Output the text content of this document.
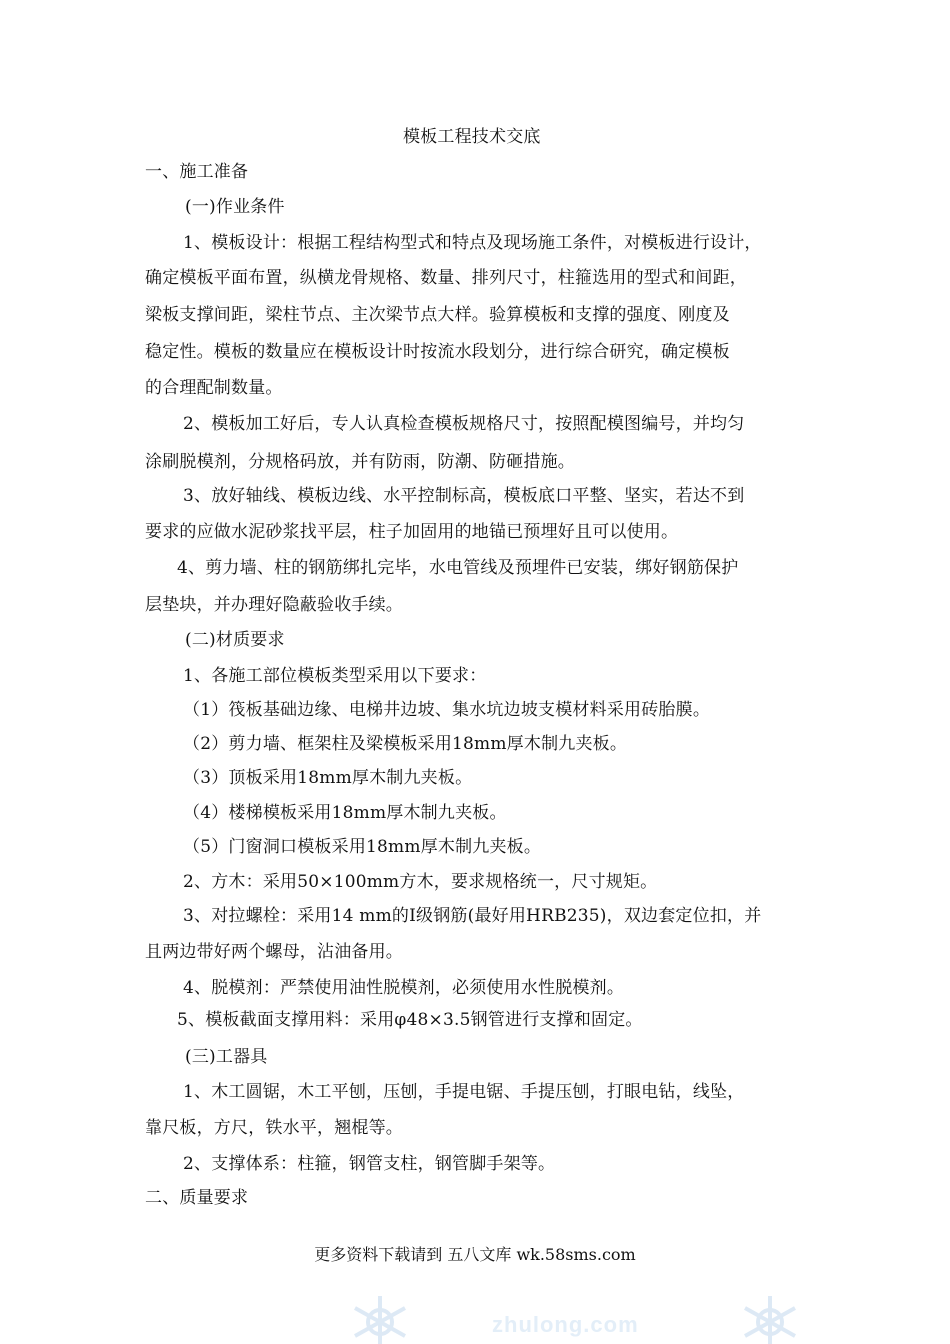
模板工程技术交底
一、施工准备
(一)作业条件
1、模板设计：根据工程结构型式和特点及现场施工条件，对模板进行设计，
确定模板平面布置，纵横龙骨规格、数量、排列尺寸，柱箍选用的型式和间距，
梁板支撑间距，梁柱节点、主次梁节点大样。验算模板和支撑的强度、刚度及
稳定性。模板的数量应在模板设计时按流水段划分，进行综合研究，确定模板
的合理配制数量。
2、模板加工好后，专人认真检查模板规格尺寸，按照配模图编号，并均匀
涂刷脱模剂，分规格码放，并有防雨，防潮、防砸措施。
3、放好轴线、模板边线、水平控制标高，模板底口平整、坚实，若达不到
要求的应做水泥砂浆找平层，柱子加固用的地锚已预埋好且可以使用。
4、剪力墙、柱的钢筋绑扎完毕，水电管线及预埋件已安装，绑好钢筋保护
层垫块，并办理好隐蔽验收手续。
(二)材质要求
1、各施工部位模板类型采用以下要求：
（1）筏板基础边缘、电梯井边坡、集水坑边坡支模材料采用砖胎膜。
（2）剪力墙、框架柱及梁模板采用18mm厚木制九夹板。
（3）顶板采用18mm厚木制九夹板。
（4）楼梯模板采用18mm厚木制九夹板。
（5）门窗洞口模板采用18mm厚木制九夹板。
2、方木：采用50×100mm方木，要求规格统一，尺寸规矩。
3、对拉螺栓：采用14 mm的Ⅰ级钢筋(最好用HRB235)，双边套定位扣，并
且两边带好两个螺母，沾油备用。
4、脱模剂：严禁使用油性脱模剂，必须使用水性脱模剂。
5、模板截面支撑用料：采用φ48×3.5钢管进行支撑和固定。
(三)工器具
1、木工圆锯，木工平刨，压刨，手提电锯、手提压刨，打眼电钻，线坠，
靠尺板，方尺，铁水平，翘棍等。
2、支撑体系：柱箍，钢管支柱，钢管脚手架等。
二、质量要求
更多资料下载请到 五八文库 wk.58sms.com
zhulong.com
